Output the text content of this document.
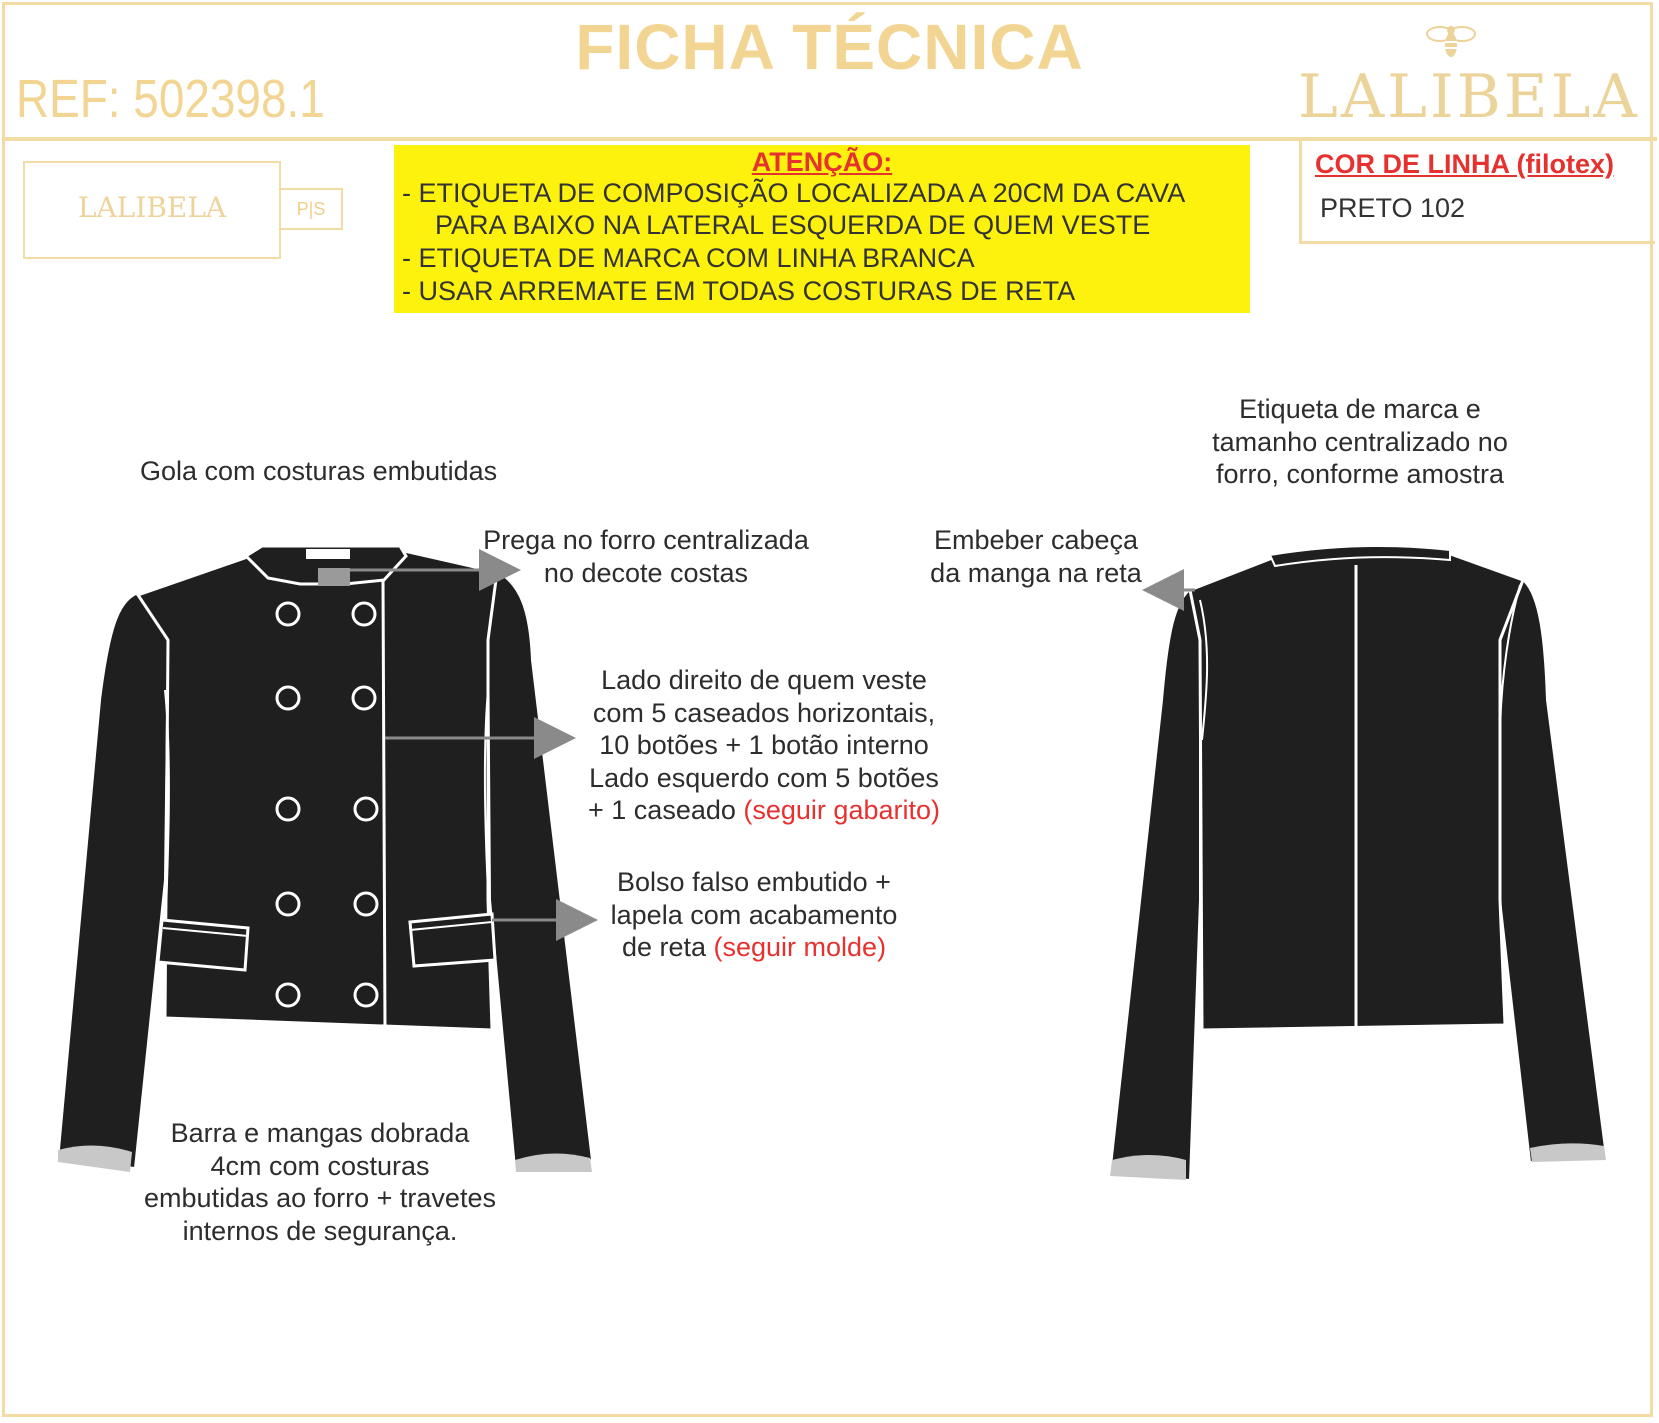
FICHA TÉCNICA
REF: 502398.1	LALIBELA
LALIBELA	P|S
ATENÇÃO:
- ETIQUETA DE COMPOSIÇÃO LOCALIZADA A 20CM DA CAVA
PARA BAIXO NA LATERAL ESQUERDA DE QUEM VESTE
- ETIQUETA DE MARCA COM LINHA BRANCA
- USAR ARREMATE EM TODAS COSTURAS DE RETA
COR DE LINHA (filotex)
PRETO 102
Gola com costuras embutidas
Prega no forro centralizada
no decote costas
Lado direito de quem veste
com 5 caseados horizontais,
10 botões + 1 botão interno
Lado esquerdo com 5 botões
+ 1 caseado (seguir gabarito)
Bolso falso embutido +
lapela com acabamento
de reta (seguir molde)
Barra e mangas dobrada
4cm com costuras
embutidas ao forro + travetes
internos de segurança.
Etiqueta de marca e
tamanho centralizado no
forro, conforme amostra
Embeber cabeça
da manga na reta
